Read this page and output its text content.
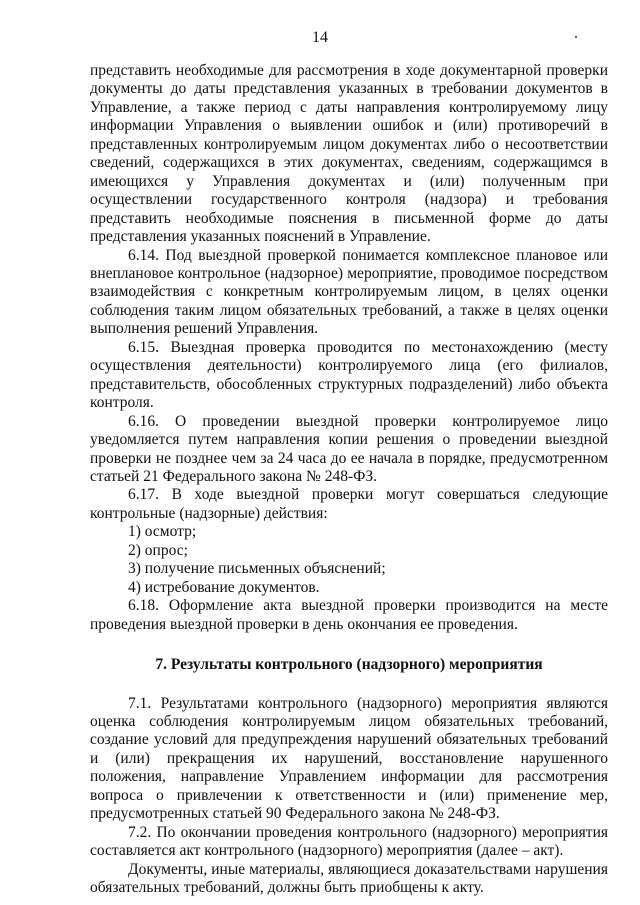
14

представить необходимые для рассмотрения в ходе документарной проверки документы до даты представления указанных в требовании документов в Управление, а также период с даты направления контролируемому лицу информации Управления о выявлении ошибок и (или) противоречий в представленных контролируемым лицом документах либо о несоответствии сведений, содержащихся в этих документах, сведениям, содержащимся в имеющихся у Управления документах и (или) полученным при осуществлении государственного контроля (надзора) и требования представить необходимые пояснения в письменной форме до даты представления указанных пояснений в Управление.

6.14. Под выездной проверкой понимается комплексное плановое или внеплановое контрольное (надзорное) мероприятие, проводимое посредством взаимодействия с конкретным контролируемым лицом, в целях оценки соблюдения таким лицом обязательных требований, а также в целях оценки выполнения решений Управления.

6.15. Выездная проверка проводится по местонахождению (месту осуществления деятельности) контролируемого лица (его филиалов, представительств, обособленных структурных подразделений) либо объекта контроля.

6.16. О проведении выездной проверки контролируемое лицо уведомляется путем направления копии решения о проведении выездной проверки не позднее чем за 24 часа до ее начала в порядке, предусмотренном статьей 21 Федерального закона № 248-ФЗ.

6.17. В ходе выездной проверки могут совершаться следующие контрольные (надзорные) действия:

1) осмотр;

2) опрос;

3) получение письменных объяснений;

4) истребование документов.

6.18. Оформление акта выездной проверки производится на месте проведения выездной проверки в день окончания ее проведения.

7. Результаты контрольного (надзорного) мероприятия

7.1. Результатами контрольного (надзорного) мероприятия являются оценка соблюдения контролируемым лицом обязательных требований, создание условий для предупреждения нарушений обязательных требований и (или) прекращения их нарушений, восстановление нарушенного положения, направление Управлением информации для рассмотрения вопроса о привлечении к ответственности и (или) применение мер, предусмотренных статьей 90 Федерального закона № 248-ФЗ.

7.2. По окончании проведения контрольного (надзорного) мероприятия составляется акт контрольного (надзорного) мероприятия (далее – акт).

Документы, иные материалы, являющиеся доказательствами нарушения обязательных требований, должны быть приобщены к акту.
